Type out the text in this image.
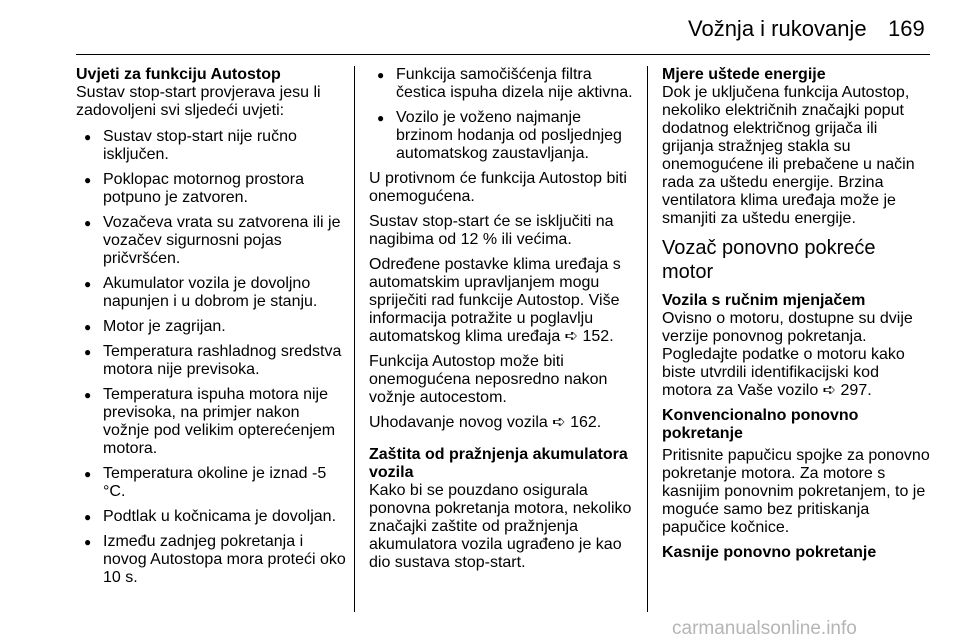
Vožnja i rukovanje 169

Uvjeti za funkciju Autostop

Sustav stop-start provjerava jesu li zadovoljeni svi sljedeći uvjeti:

● Sustav stop-start nije ručno isključen.
● Poklopac motornog prostora potpuno je zatvoren.
● Vozačeva vrata su zatvorena ili je vozačev sigurnosni pojas pričvršćen.
● Akumulator vozila je dovoljno napunjen i u dobrom je stanju.
● Motor je zagrijan.
● Temperatura rashladnog sredstva motora nije previsoka.
● Temperatura ispuha motora nije previsoka, na primjer nakon vožnje pod velikim opterećenjem motora.
● Temperatura okoline je iznad -5 °C.
● Podtlak u kočnicama je dovoljan.
● Između zadnjeg pokretanja i novog Autostopa mora proteći oko 10 s.
● Funkcija samočišćenja filtra čestica ispuha dizela nije aktivna.
● Vozilo je voženo najmanje brzinom hodanja od posljednjeg automatskog zaustavljanja.

U protivnom će funkcija Autostop biti onemogućena.

Sustav stop-start će se isključiti na nagibima od 12 % ili većima.

Određene postavke klima uređaja s automatskim upravljanjem mogu spriječiti rad funkcije Autostop. Više informacija potražite u poglavlju automatskog klima uređaja ➪ 152.

Funkcija Autostop može biti onemogućena neposredno nakon vožnje autocestom.

Uhodavanje novog vozila ➪ 162.

Zaštita od pražnjenja akumulatora vozila

Kako bi se pouzdano osigurala ponovna pokretanja motora, nekoliko značajki zaštite od pražnjenja akumulatora vozila ugrađeno je kao dio sustava stop-start.

Mjere uštede energije

Dok je uključena funkcija Autostop, nekoliko električnih značajki poput dodatnog električnog grijača ili grijanja stražnjeg stakla su onemogućene ili prebačene u način rada za uštedu energije. Brzina ventilatora klima uređaja može je smanjiti za uštedu energije.

Vozač ponovno pokreće motor

Vozila s ručnim mjenjačem

Ovisno o motoru, dostupne su dvije verzije ponovnog pokretanja. Pogledajte podatke o motoru kako biste utvrdili identifikacijski kod motora za Vaše vozilo ➪ 297.

Konvencionalno ponovno pokretanje

Pritisnite papučicu spojke za ponovno pokretanje motora. Za motore s kasnijim ponovnim pokretanjem, to je moguće samo bez pritiskanja papučice kočnice.

Kasnije ponovno pokretanje

carmanualsonline.info
